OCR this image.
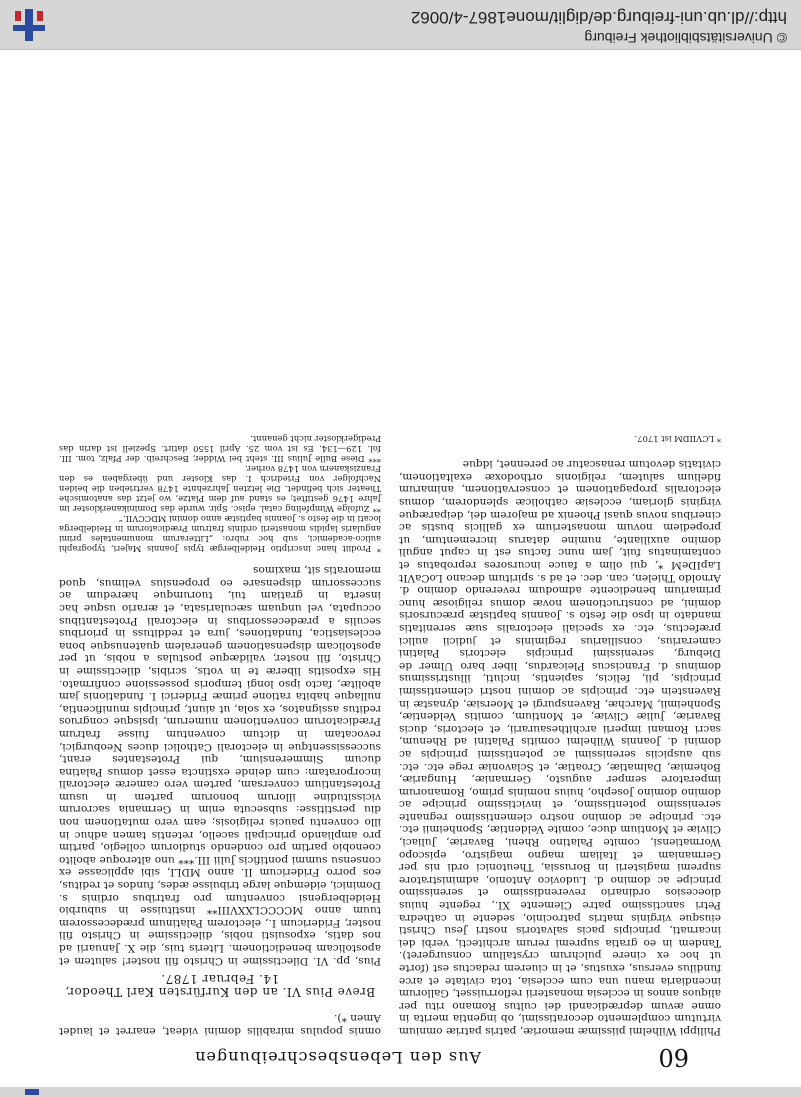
60
Aus den Lebensbeschreibungen

Philippi Wilhelmi piissimæ memoriæ, patris patriæ omnium virtutum complemento decoratissimi, ob ingentia merita in omne ævum deprædicandi dei cultus Romano ritu per aliquos annos in ecclesia monasterii reflorruisset, Gallorum incendiaria manu una cum ecclesia, tota civitate et arce fundilus eversus, exustus, et in ciuerem redactus est (forte ut hoc ex cinere pulchrum crystallum consurgeret). Tandem in eo gratia supremi rerum architecti, verbi dei incarnati, principis pacis salvatoris nostri Jesu Christi eiusque virginis matris patrocinio, sedente in cathedra Petri sanctissimo patre Clemente XI., regente huius dioecesios ordinario reverendissimo et serenissimo principe ac domino d. Ludovico Antonio, administratore supremi magisterii in Borussia, Theutonici ordi nis per Germaniam et Italiam magno magistro, episcopo Wormatiensi, comite Palatino Rheni, Bavariæ, Juliaci, Cliviæ et Montium duce, comite Veldentiæ, Sponheimii etc. etc. principe ac domino nostro clementissimo regnante serenissimo potentissimo, et invictissimo principe ac domino domino Josepho, huius nominis primo, Romanorum imperatore semper augusto, Germaniæ, Hungariæ, Bohemiæ, Dalmatiæ, Croatiæ, et Sclavoniæ rege etc. etc. sub auspiciis serenissimi ac potentissimi principis ac domini d. Joannis Wilhelmi comitis Palatini ad Rhenum, sacri Romani imperii archithesaurarii, et electoris, ducis Bavariæ, Juliæ Cliviæ, et Montium, comitis Veldentiæ, Sponheimii, Marchæ, Ravenspurgi et Moersiæ, dynastæ in Ravenstein etc. principis ac domini nostri clementissimi principis, pii, felicis, sapientis, incluti, illustrissimus dominus d. Franciscus Pleicardus, liber baro Ulmer de Dieburg, serenissimi principis electoris Palatini camerarius, consiliarius regiminis et judicii aulici præfectus, etc. ex speciali electoralis suæ serenitatis mandato in ipso die festo s. Joannis baptistæ præcursoris domini, ad constructionem novæ domus religiosæ hunc primarium benedicente admodum reverendo domino d. Arnoldo Thielen, can. dec. et ad s. spiritum decano LoCaVIt LapIDeM *, qui olim a fauce incursores reprobatus et contaminatus fuit, jam nunc factus est in caput anguli domino auxiliante, numine datarus incrementum, ut propediem novum monasterium ex gallicis bustis ac cineribus novus quasi Phoenix ad majorem dei, deiparæque virginis gloriam, ecclesiæ catholicæ splendorem, domus electoralis propagationem et conservationem, animarum fidelium salutem, religionis orthodoxæ exaltationem, civitatis devotum renascatur ac perennet, idque

* LCVIIDM ist 1707.

omnis populus mirabilis domini videat, enarret et laudet Amen *).

Breve Pius VI. an den Kurfürsten Karl Theodor, 14. Februar 1787.

Pius, pp. VI. Dilectissime in Christo fili noster! salutem et apostolicam benedictionem. Literis tuis, die X. Januarii ad nos datis, exposuisti nobis, dilectissime in Christo fili noster, Fridericum I., electorem Palatinum prædecessorem tuum anno MCCCCLXXVIII** instituisse in suburbio Heidelbergensi conventum pro fratribus ordinis s. Dominici, eidemque large tribuisse ædes, fundos et reditus, eos porro Fridericum II. anno MDLI, sibi applicasse ex consensu summi pontificis Julii III.*** uno alteroque abolito coenobio partim pro condendo studiorum collegio, partim pro ampliando principali sacello, retentis tamen adhuc in illo conventu paucis religiosis; eam vero mutationem non diu perstitisse: subsecuta enim in Germania sacrorum vicissitudine illorum bonorum partem in usum Protestantium conversam, partem vero cameræ electorali incorporatam: cum deinde exstincta esset domus Palatina ducum Simmerensium, qui Protestantes erant, successissentque in electorali Catholici duces Neoburgici, revocatam in dictum conventum fuisse fratrum Prædicatorum conventionem numerum, ipsisque congruos reditus assignatos, ex sola, ut aiunt, principis munificentia, nullaque habita ratione primæ Friderici I. fundationis jam abolitæ, facto ipso longi temporis possessione confirmato. His expositis liberæ te in votis, scribis, dilectissime in Christo, fili noster, validæque postulas a nobis, ut per apostolicam dispensationem generalem quatenusque bona ecclesiastica, fundationes, jura et reddituss in prioribus seculis a prædecessoribus in electorali Protestantibus occupata, vel unquam sæcularisata, et ærario usque hac inserta in gratiam tui, tuorumque hæredum ac successorum dispensare eo propensius velimus, quod memoratis sit, maximos

* Prodiit hanc inscriptio Heidelbergæ typis Joannis Majeri, typographi aulico-academici, sub hoc rubro: „Litterarum monumentales primi angularis lapidis monasterii ordinis fratrum Prædicatorum in Heidelberga locati in die festo s. Joannis baptistæ anno domini MDCCVII.“

** Zufolge Wimpfeling catal. episc. Spir. wurde das Dominikanerkloster im Jahre 1476 gestiftet; es stand auf dem Platze, wo jetzt das anatomische Theater sich befindet. Die letzten Jahrzehnte 1478 vertrieben die beiden Nachfolger von Friedrich I. das Kloster und übergaben es den Franziskanern von 1478 vorher.

*** Diese Bulle Julius III. steht bei Widder, Beschreib. der Pfalz, tom. III. fol. 129—134. Es ist vom 25. April 1550 datirt. Speziell ist darin das Predigerkloster nicht genannt.

© Universitätsbibliothek Freiburg
http://dl.ub.uni-freiburg.de/diglit/mone1867-4/0062
